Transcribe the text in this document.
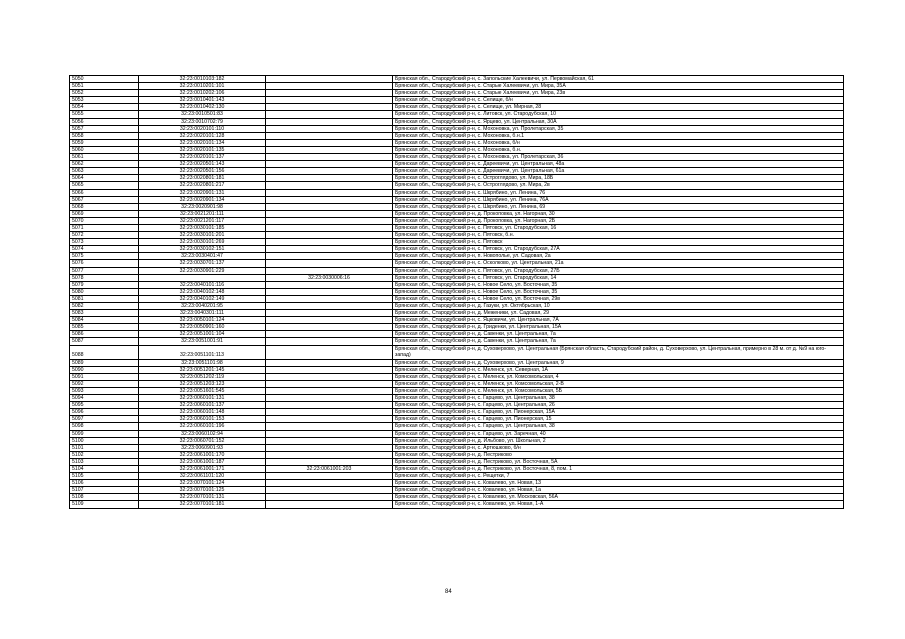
5050	32:23:0010103:182		Брянская обл., Стародубский р-н, с. Запольские Халеевичи, ул. Первомайская, 61
5051	32:23:0010201:101		Брянская обл., Стародубский р-н, с. Старые Халеевичи, ул. Мира, 35А
5052	32:23:0010202:106		Брянская обл., Стародубский р-н, с. Старые Халеевичи, ул. Мира, 23в
5053	32:23:0010401:143		Брянская обл., Стародубский р-н, с. Селище, б/н
5054	32:23:0010402:130		Брянская обл., Стародубский р-н, с. Селище, ул. Мирная, 28
5055	32:23:0010501:83		Брянская обл., Стародубский р-н, с. Литовск, ул. Стародубская, 10
5056	32:23:0010702:79		Брянская обл., Стародубский р-н, с. Ярцево, ул. Центральная, 30А
5057	32:23:0020101:110		Брянская обл., Стародубский р-н, с. Мохоновка, ул. Пролетарская, 35
5058	32:23:0020101:128		Брянская обл., Стародубский р-н, с. Мохоновка, б.н.1
5059	32:23:0020101:134		Брянская обл., Стародубский р-н, с. Мохоновка, б/н
5060	32:23:0020101:135		Брянская обл., Стародубский р-н, с. Мохоновка, б.н.
5061	32:23:0020101:137		Брянская обл., Стародубский р-н, с. Мохоновка, ул. Пролетарская, 36
5062	32:23:0020501:143		Брянская обл., Стародубский р-н, с. Дареевичи, ул. Центральная, 48а
5063	32:23:0020501:156		Брянская обл., Стародубский р-н, с. Дареевичи, ул. Центральная, 61а
5064	32:23:0020801:181		Брянская обл., Стародубский р-н, с. Остроглядово, ул. Мира, 18Б
5065	32:23:0020801:217		Брянская обл., Стародубский р-н, с. Остроглядово, ул. Мира, 2в
5066	32:23:0020901:131		Брянская обл., Стародубский р-н, с. Шкрябино, ул. Ленина, 76
5067	32:23:0020901:134		Брянская обл., Стародубский р-н, с. Шкрябино, ул. Ленина, 76А
5068	32:23:0020901:98		Брянская обл., Стародубский р-н, с. Шкрябино, ул. Ленина, 69
5069	32:23:0021201:111		Брянская обл., Стародубский р-н, д. Прокоповка, ул. Нагорная, 30
5070	32:23:0021201:117		Брянская обл., Стародубский р-н, д. Прокоповка, ул. Нагорная, 2Б
5071	32:23:0030101:185		Брянская обл., Стародубский р-н, с. Пятовск, ул. Стародубская, 16
5072	32:23:0030101:201		Брянская обл., Стародубский р-н, с. Пятовск, б.н.
5073	32:23:0030101:269		Брянская обл., Стародубский р-н, с. Пятовск
5074	32:23:0030102:151		Брянская обл., Стародубский р-н, с. Пятовск, ул. Стародубская, 27А
5075	32:23:0030401:47		Брянская обл., Стародубский р-н, п. Новополье, ул. Садовая, 2а
5076	32:23:0030701:137		Брянская обл., Стародубский р-н, с. Осколково, ул. Центральная, 21а
5077	32:23:0030901:229		Брянская обл., Стародубский р-н, с. Пятовск, ул. Стародубская, 27Б
5078		32:23:0030006:16	Брянская обл., Стародубский р-н, с. Пятовск, ул. Стародубская, 14
5079	32:23:0040101:116		Брянская обл., Стародубский р-н, с. Новое Село, ул. Восточная, 35
5080	32:23:0040102:148		Брянская обл., Стародубский р-н, с. Новое Село, ул. Восточная, 35
5081	32:23:0040102:149		Брянская обл., Стародубский р-н, с. Новое Село, ул. Восточная, 29в
5082	32:23:0040201:95		Брянская обл., Стародубский р-н, д. Газуки, ул. Октябрьская, 10
5083	32:23:0040301:111		Брянская обл., Стародубский р-н, д. Меженики, ул. Садовая, 29
5084	32:23:0050101:124		Брянская обл., Стародубский р-н, с. Яцковичи, ул. Центральная, 7А
5085	32:23:0050901:160		Брянская обл., Стародубский р-н, д. Гриденки, ул. Центральная, 15А
5086	32:23:0051001:104		Брянская обл., Стародубский р-н, д. Савенки, ул. Центральная, 7а
5087	32:23:0051001:91		Брянская обл., Стародубский р-н, д. Савенки, ул. Центральная, 7а
5088	32:23:0051101:113		Брянская обл., Стародубский р-н, д. Суховерхово, ул. Центральная (Брянская область, Стародубский район, д. Суховерхово, ул. Центральная, примерно в 28 м. от д. №9 на юго-запад)
5089	32:23:0051101:98		Брянская обл., Стародубский р-н, д. Суховерхово, ул. Центральная, 9
5090	32:23:0051201:145		Брянская обл., Стародубский р-н, с. Меленск, ул. Северная, 1А
5091	32:23:0051202:119		Брянская обл., Стародубский р-н, с. Меленск, ул. Комсомольская, 4
5092	32:23:0051203:123		Брянская обл., Стародубский р-н, с. Меленск, ул. Комсомольская, 2-В
5093	32:23:0051601:545		Брянская обл., Стародубский р-н, с. Меленск, ул. Комсомольская, 5Б
5094	32:23:0060101:131		Брянская обл., Стародубский р-н, с. Гарцево, ул. Центральная, 38
5095	32:23:0060101:137		Брянская обл., Стародубский р-н, с. Гарцево, ул. Центральная, 26
5096	32:23:0060101:148		Брянская обл., Стародубский р-н, с. Гарцево, ул. Пионерская, 15А
5097	32:23:0060101:153		Брянская обл., Стародубский р-н, с. Гарцево, ул. Пионерская, 15
5098	32:23:0060101:196		Брянская обл., Стародубский р-н, с. Гарцево, ул. Центральная, 38
5099	32:23:0060102:94		Брянская обл., Стародубский р-н, с. Гарцево, ул. Заречная, 40
5100	32:23:0060701:152		Брянская обл., Стародубский р-н, д. Ильбово, ул. Школьная, 2
5101	32:23:0060901:93		Брянская обл., Стародубский р-н, с. Артюшково, б/н
5102	32:23:0061001:170		Брянская обл., Стародубский р-н, д. Пестриково
5103	32:23:0061001:187		Брянская обл., Стародубский р-н, д. Пестриково, ул. Восточная, 5А
5104	32:23:0061001:171	32:23:0061001:203	Брянская обл., Стародубский р-н, д. Пестриково, ул. Восточная, 8, пом. 1
5105	32:23:0061101:120		Брянская обл., Стародубский р-н, с. Рещетки, 7
5106	32:23:0070101:124		Брянская обл., Стародубский р-н, с. Ковалево, ул. Новая, 13
5107	32:23:0070101:125		Брянская обл., Стародубский р-н, с. Ковалево, ул. Новая, 1а
5108	32:23:0070101:131		Брянская обл., Стародубский р-н, с. Ковалево, ул. Московская, 56А
5109	32:23:0070101:181		Брянская обл., Стародубский р-н, с. Ковалево, ул. Новая, 1-А
84
